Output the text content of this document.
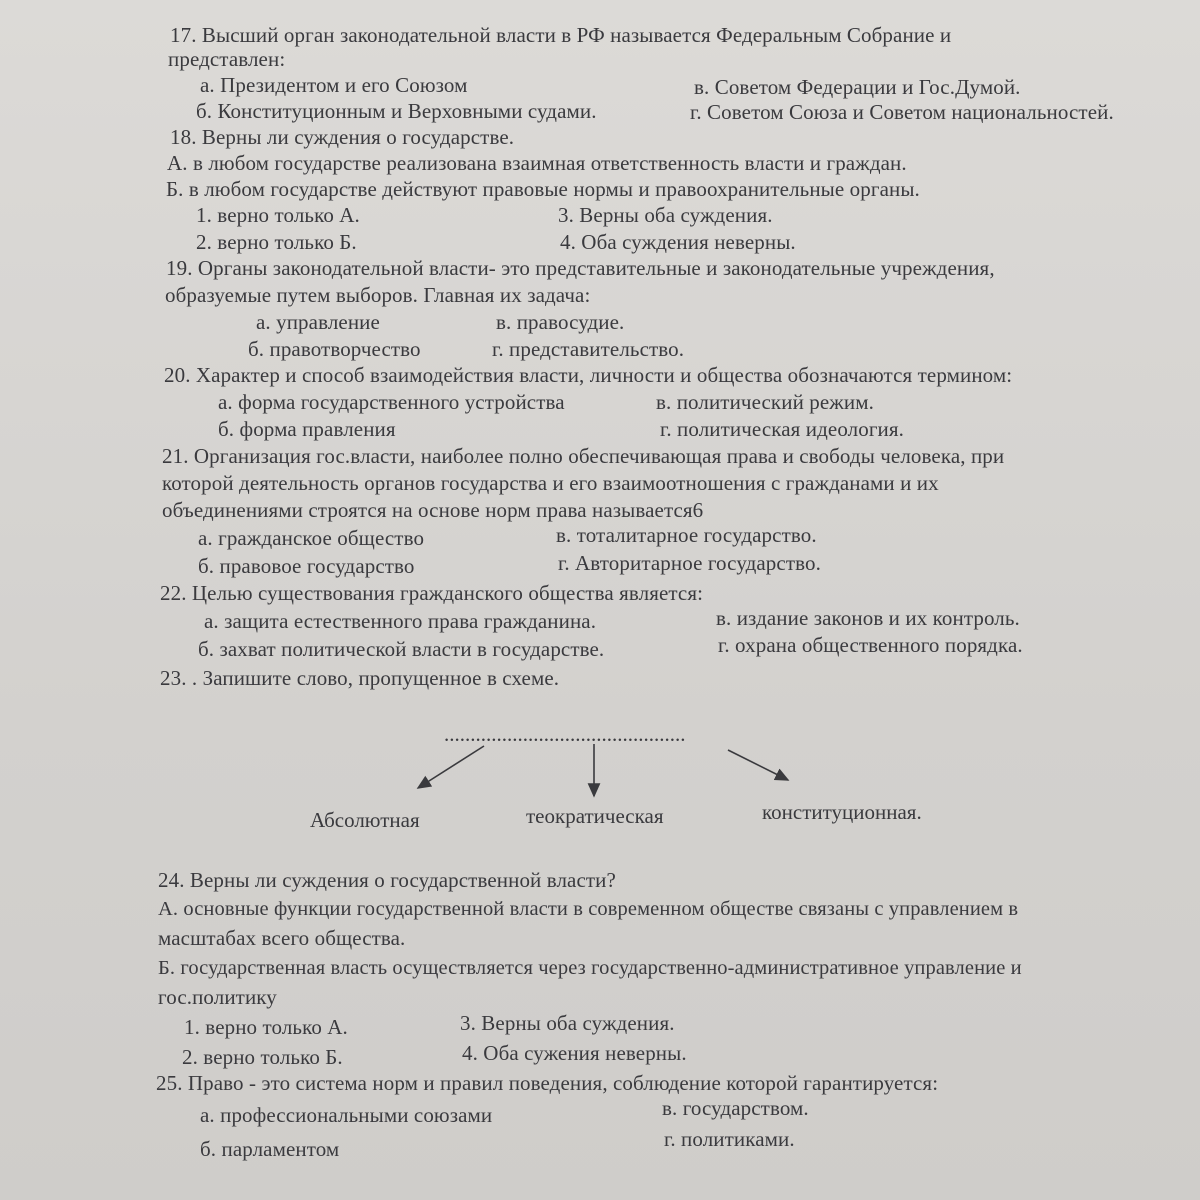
17. Высший орган законодательной власти в РФ называется Федеральным Собрание и
представлен:
а. Президентом и его Союзом	в. Советом Федерации и Гос.Думой.
б. Конституционным и Верховными судами.	г. Советом Союза и Советом национальностей.
18. Верны ли суждения о государстве.
А. в любом государстве реализована взаимная ответственность власти и граждан.
Б. в любом государстве действуют правовые нормы и правоохранительные органы.
1. верно только А.	3. Верны оба суждения.
2. верно только Б.	4. Оба суждения неверны.
19. Органы законодательной власти- это представительные и законодательные учреждения,
образуемые путем выборов. Главная их задача:
а. управление	в. правосудие.
б. правотворчество	г. представительство.
20. Характер и способ взаимодействия власти, личности и общества обозначаются термином:
а. форма государственного устройства	в. политический режим.
б. форма правления	г. политическая идеология.
21. Организация гос.власти, наиболее полно обеспечивающая права и свободы человека, при
которой деятельность органов государства и его взаимоотношения с гражданами и их
объединениями строятся на основе норм права называется6
а. гражданское общество	в. тоталитарное государство.
б. правовое государство	г. Авторитарное государство.
22. Целью существования гражданского общества является:
а. защита естественного права гражданина.	в. издание законов и их контроль.
б. захват политической власти в государстве.	г. охрана общественного порядка.
23. . Запишите слово, пропущенное в схеме.
..............................................
Абсолютная	теократическая	конституционная.
24. Верны ли суждения о государственной власти?
А. основные функции государственной власти в современном обществе связаны с управлением в
масштабах всего общества.
Б. государственная власть осуществляется через государственно-административное управление и
гос.политику
1. верно только А.	3. Верны оба суждения.
2. верно только Б.	4. Оба сужения неверны.
25. Право - это система норм и правил поведения, соблюдение которой гарантируется:
а. профессиональными союзами	в. государством.
б. парламентом	г. политиками.
